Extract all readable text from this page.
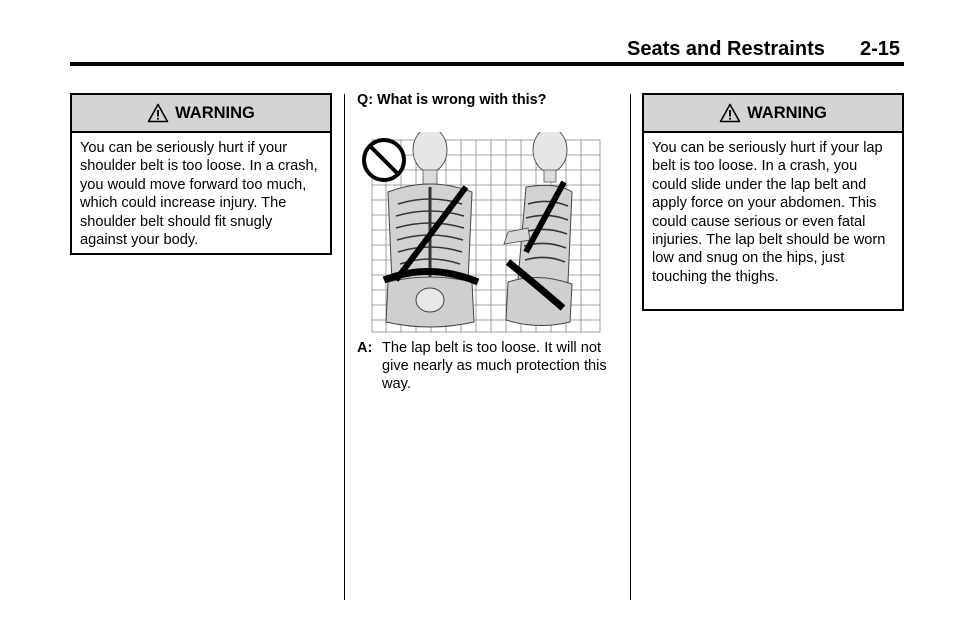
Seats and Restraints 2-15
WARNING
You can be seriously hurt if your shoulder belt is too loose. In a crash, you would move forward too much, which could increase injury. The shoulder belt should fit snugly against your body.
Q: What is wrong with this?
A: The lap belt is too loose. It will not give nearly as much protection this way.
WARNING
You can be seriously hurt if your lap belt is too loose. In a crash, you could slide under the lap belt and apply force on your abdomen. This could cause serious or even fatal injuries. The lap belt should be worn low and snug on the hips, just touching the thighs.
